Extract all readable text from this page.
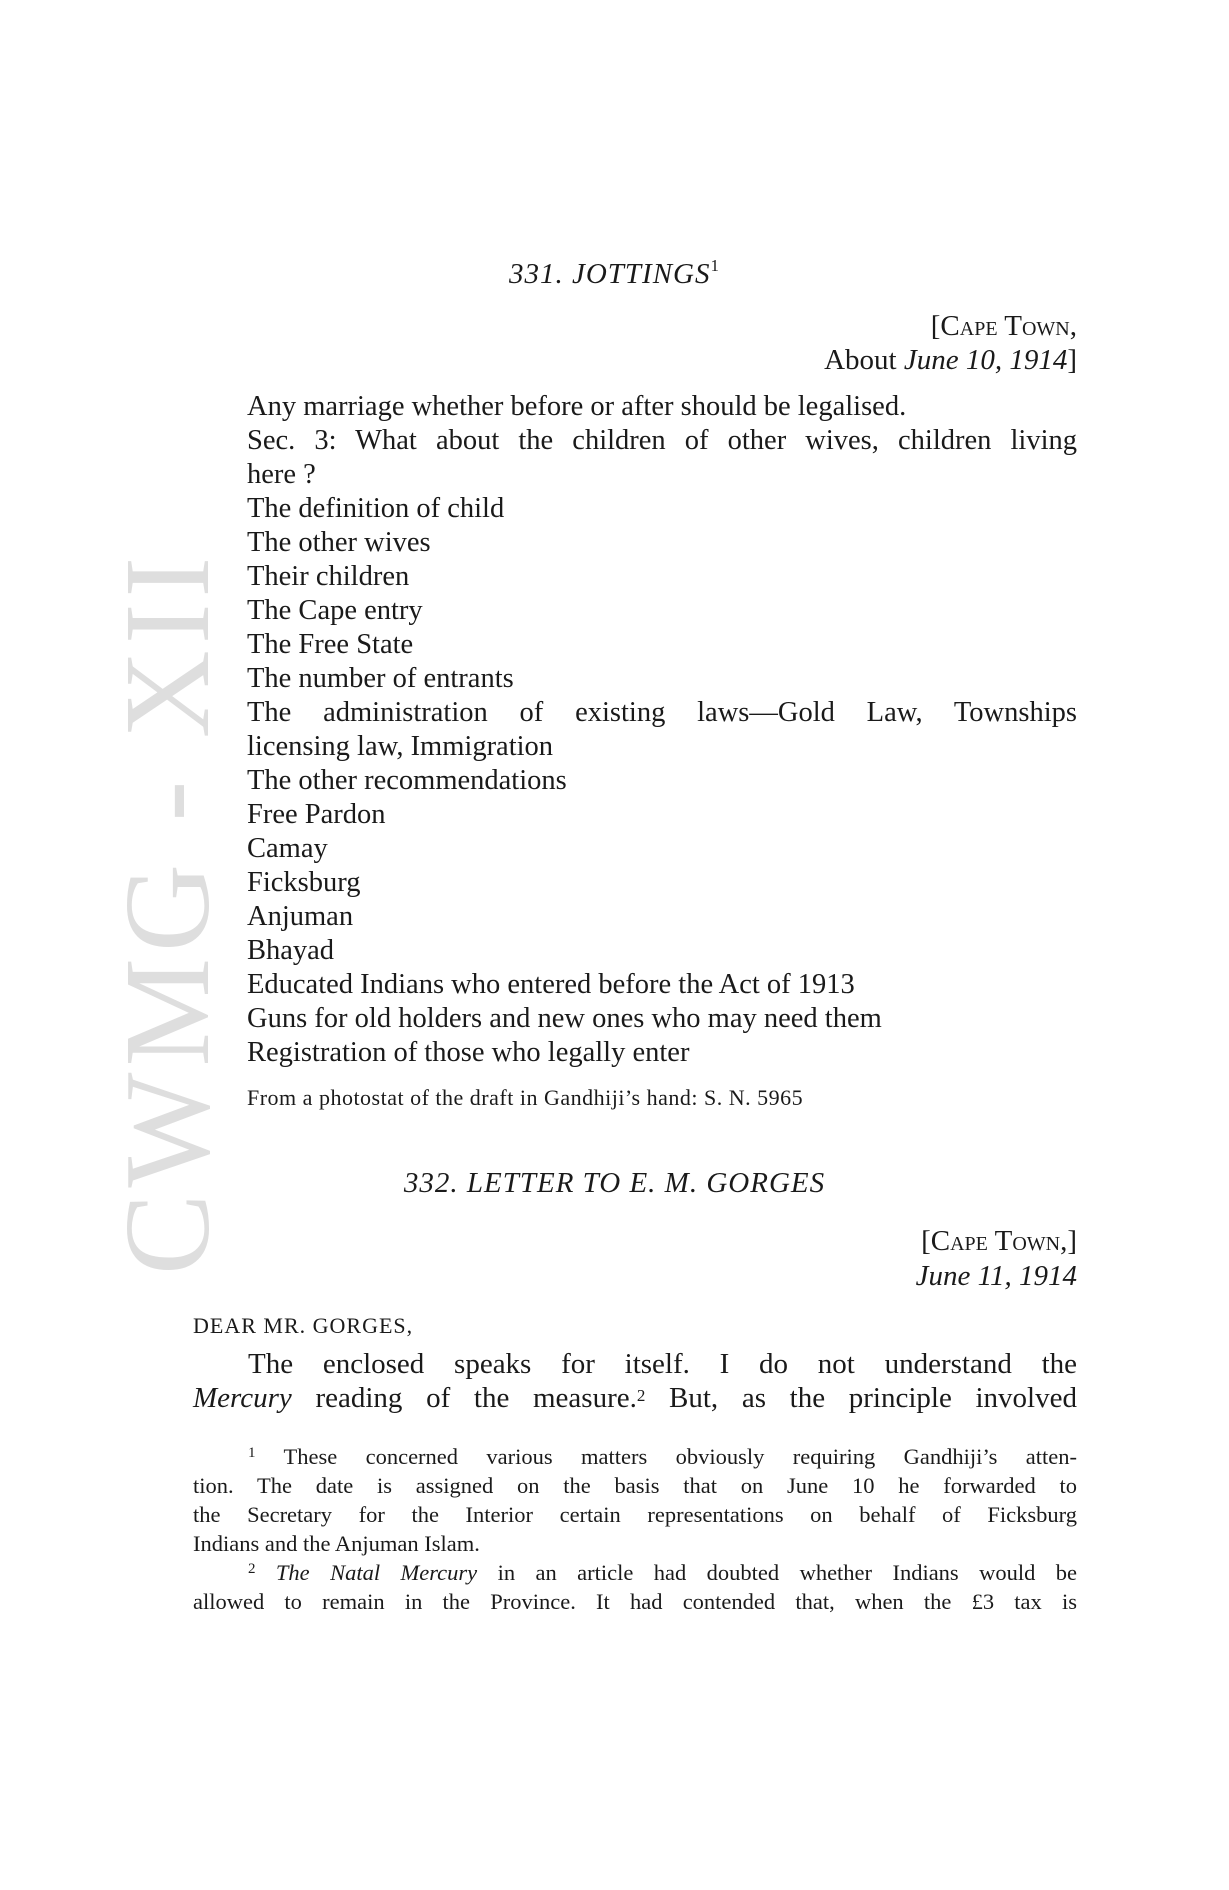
CWMG - XII
331. JOTTINGS$^1$
[Cape Town,
About June 10, 1914]
Any marriage whether before or after should be legalised.
Sec. 3: What about the children of other wives, children living
here ?
The definition of child
The other wives
Their children
The Cape entry
The Free State
The number of entrants
The administration of existing laws—Gold Law, Townships
licensing law, Immigration
The other recommendations
Free Pardon
Camay
Ficksburg
Anjuman
Bhayad
Educated Indians who entered before the Act of 1913
Guns for old holders and new ones who may need them
Registration of those who legally enter
From a photostat of the draft in Gandhiji’s hand: S. N. 5965
332. LETTER TO E. M. GORGES
[Cape Town,]
June 11, 1914
DEAR MR. GORGES,
The enclosed speaks for itself. I do not understand the
Mercury reading of the measure.$^2$ But, as the principle involved
$^1$ These concerned various matters obviously requiring Gandhiji’s atten-
tion. The date is assigned on the basis that on June 10 he forwarded to
the Secretary for the Interior certain representations on behalf of Ficksburg
Indians and the Anjuman Islam.
$^2$ The Natal Mercury in an article had doubted whether Indians would be
allowed to remain in the Province. It had contended that, when the £3 tax is
